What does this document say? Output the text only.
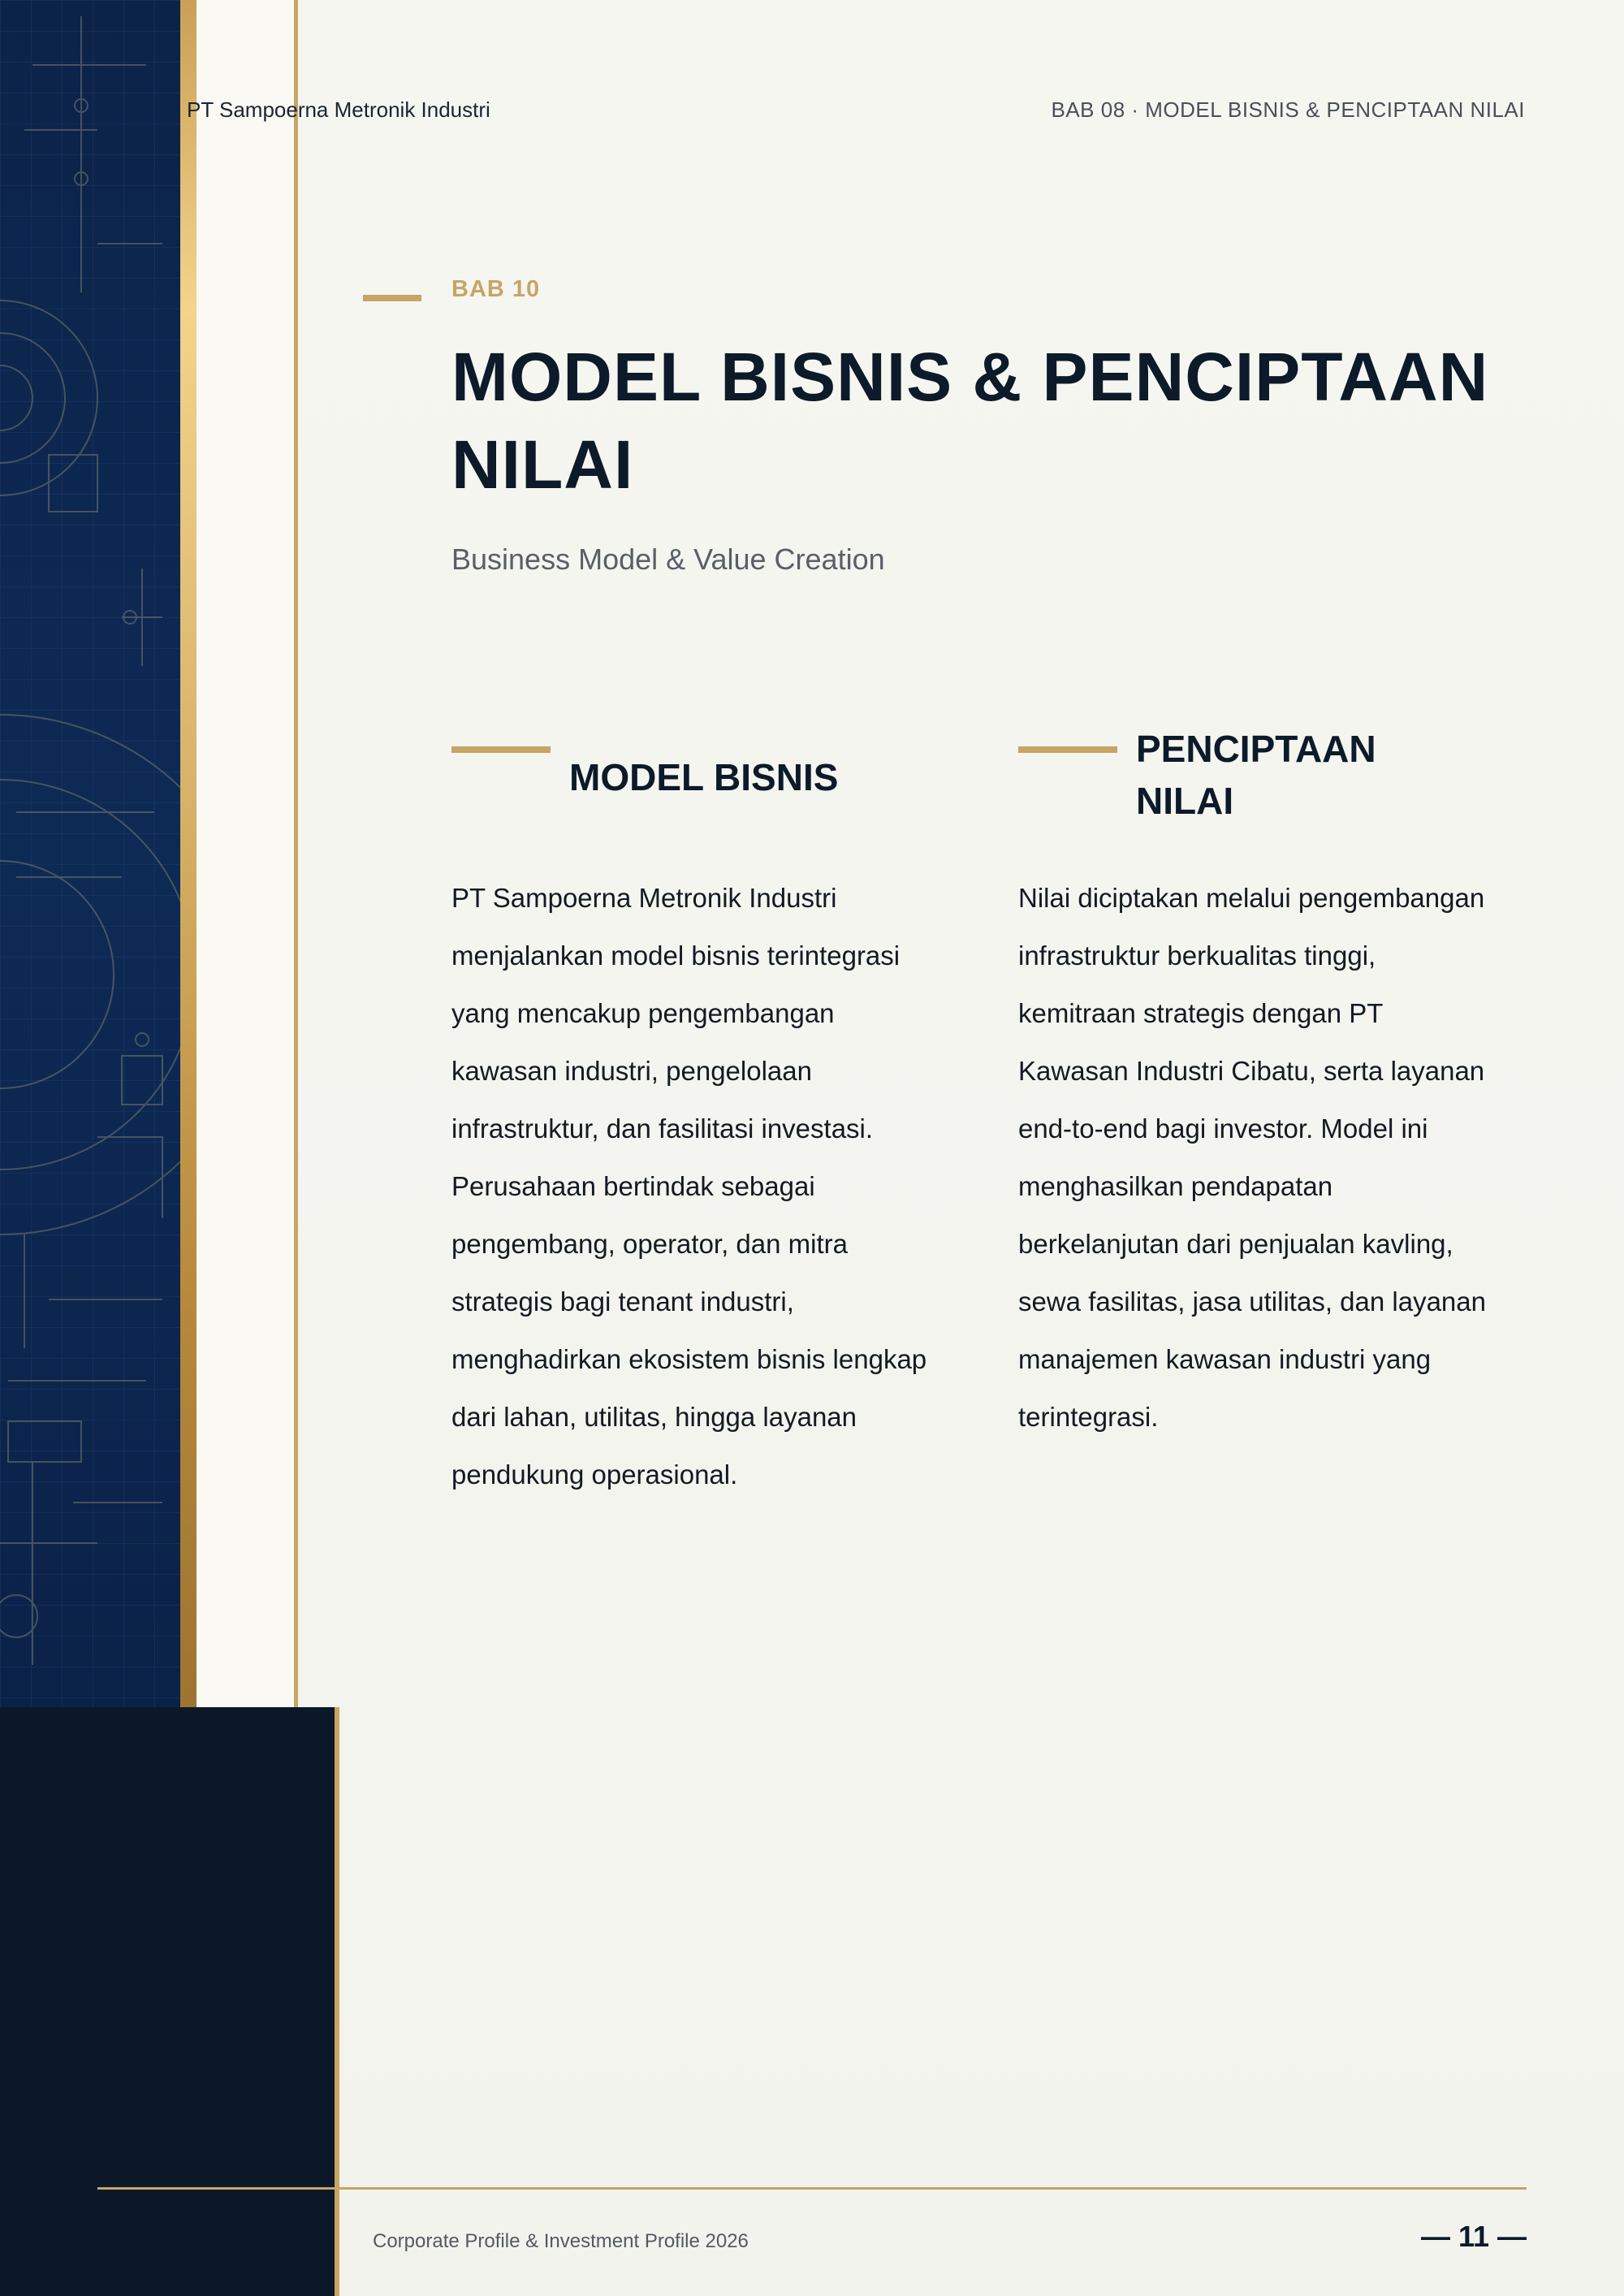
PT Sampoerna Metronik Industri	BAB 08 · MODEL BISNIS & PENCIPTAAN NILAI
BAB 10
MODEL BISNIS & PENCIPTAAN NILAI
Business Model & Value Creation
MODEL BISNIS

PT Sampoerna Metronik Industri menjalankan model bisnis terintegrasi yang mencakup pengembangan kawasan industri, pengelolaan infrastruktur, dan fasilitasi investasi. Perusahaan bertindak sebagai pengembang, operator, dan mitra strategis bagi tenant industri, menghadirkan ekosistem bisnis lengkap dari lahan, utilitas, hingga layanan pendukung operasional.

PENCIPTAAN NILAI

Nilai diciptakan melalui pengembangan infrastruktur berkualitas tinggi, kemitraan strategis dengan PT Kawasan Industri Cibatu, serta layanan end-to-end bagi investor. Model ini menghasilkan pendapatan berkelanjutan dari penjualan kavling, sewa fasilitas, jasa utilitas, dan layanan manajemen kawasan industri yang terintegrasi.

Corporate Profile & Investment Profile 2026	— 11 —
